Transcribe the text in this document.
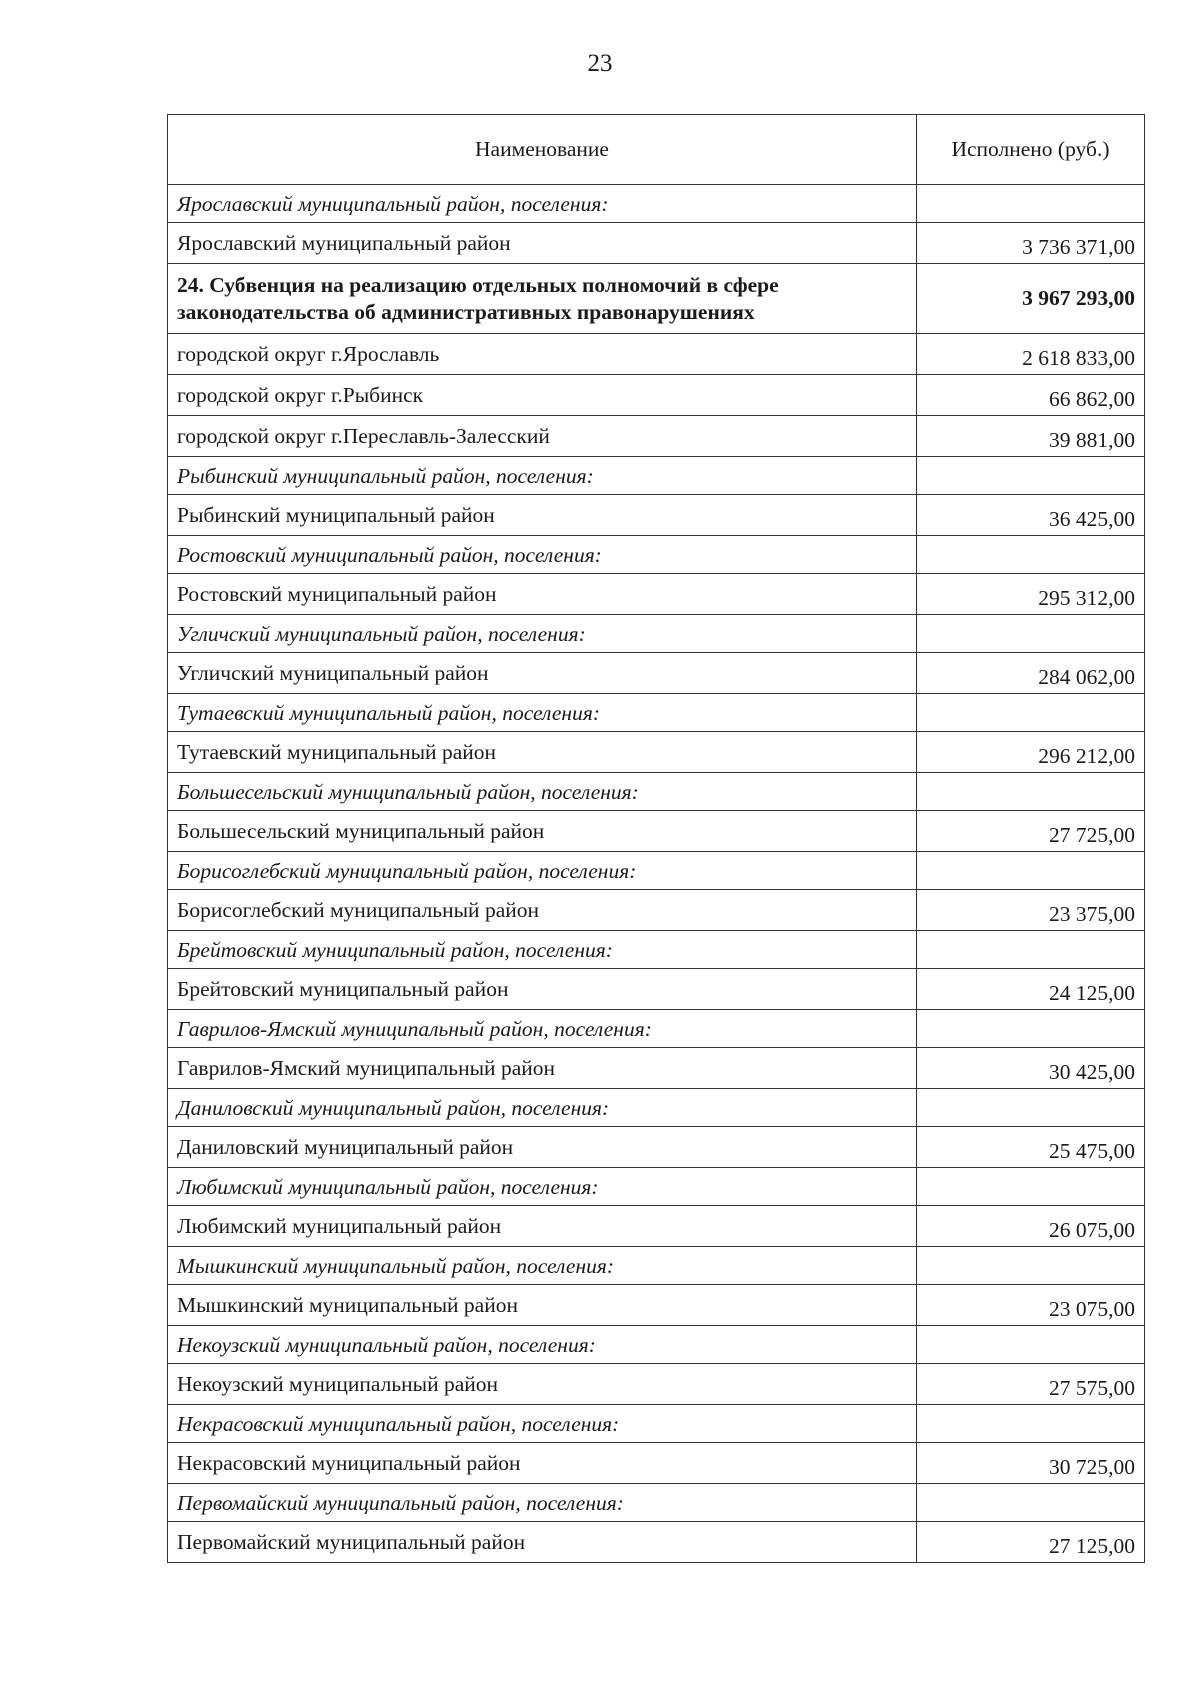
23
Наименование	Исполнено (руб.)
Ярославский муниципальный район, поселения:	
Ярославский муниципальный район	3 736 371,00
24. Субвенция на реализацию отдельных полномочий в сфере законодательства об административных правонарушениях	3 967 293,00
городской округ г.Ярославль	2 618 833,00
городской округ г.Рыбинск	66 862,00
городской округ г.Переславль-Залесский	39 881,00
Рыбинский муниципальный район, поселения:	
Рыбинский муниципальный район	36 425,00
Ростовский муниципальный район, поселения:	
Ростовский муниципальный район	295 312,00
Угличский муниципальный район, поселения:	
Угличский муниципальный район	284 062,00
Тутаевский муниципальный район, поселения:	
Тутаевский муниципальный район	296 212,00
Большесельский муниципальный район, поселения:	
Большесельский муниципальный район	27 725,00
Борисоглебский муниципальный район, поселения:	
Борисоглебский муниципальный район	23 375,00
Брейтовский муниципальный район, поселения:	
Брейтовский муниципальный район	24 125,00
Гаврилов-Ямский муниципальный район, поселения:	
Гаврилов-Ямский муниципальный район	30 425,00
Даниловский муниципальный район, поселения:	
Даниловский муниципальный район	25 475,00
Любимский муниципальный район, поселения:	
Любимский муниципальный район	26 075,00
Мышкинский муниципальный район, поселения:	
Мышкинский муниципальный район	23 075,00
Некоузский муниципальный район, поселения:	
Некоузский муниципальный район	27 575,00
Некрасовский муниципальный район, поселения:	
Некрасовский муниципальный район	30 725,00
Первомайский муниципальный район, поселения:	
Первомайский муниципальный район	27 125,00
